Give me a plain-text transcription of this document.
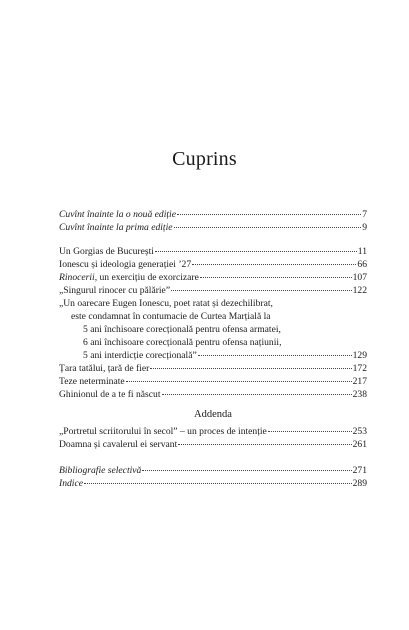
Cuprins
Cuvînt înainte la o nouă ediție	7
Cuvînt înainte la prima ediție	9
Un Gorgias de București	11
Ionescu și ideologia generației ’27	66
Rinocerii, un exercițiu de exorcizare	107
„Singurul rinocer cu pălărie”	122
„Un oarecare Eugen Ionescu, poet ratat și dezechilibrat,
este condamnat în contumacie de Curtea Marțială la
5 ani închisoare corecțională pentru ofensa armatei,
6 ani închisoare corecțională pentru ofensa națiunii,
5 ani interdicție corecțională”	129
Țara tatălui, țară de fier	172
Teze neterminate	217
Ghinionul de a te fi născut	238
Addenda
„Portretul scriitorului în secol” – un proces de intenție	253
Doamna și cavalerul ei servant	261
Bibliografie selectivă	271
Indice	289
